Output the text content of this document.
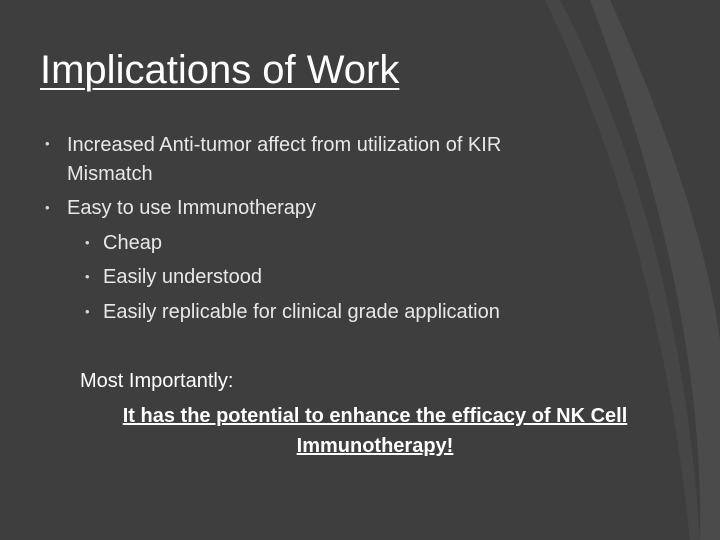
Implications of Work
• Increased Anti-tumor affect from utilization of KIR
Mismatch
• Easy to use Immunotherapy
• Cheap
• Easily understood
• Easily replicable for clinical grade application
Most Importantly:
It has the potential to enhance the efficacy of NK Cell Immunotherapy!
